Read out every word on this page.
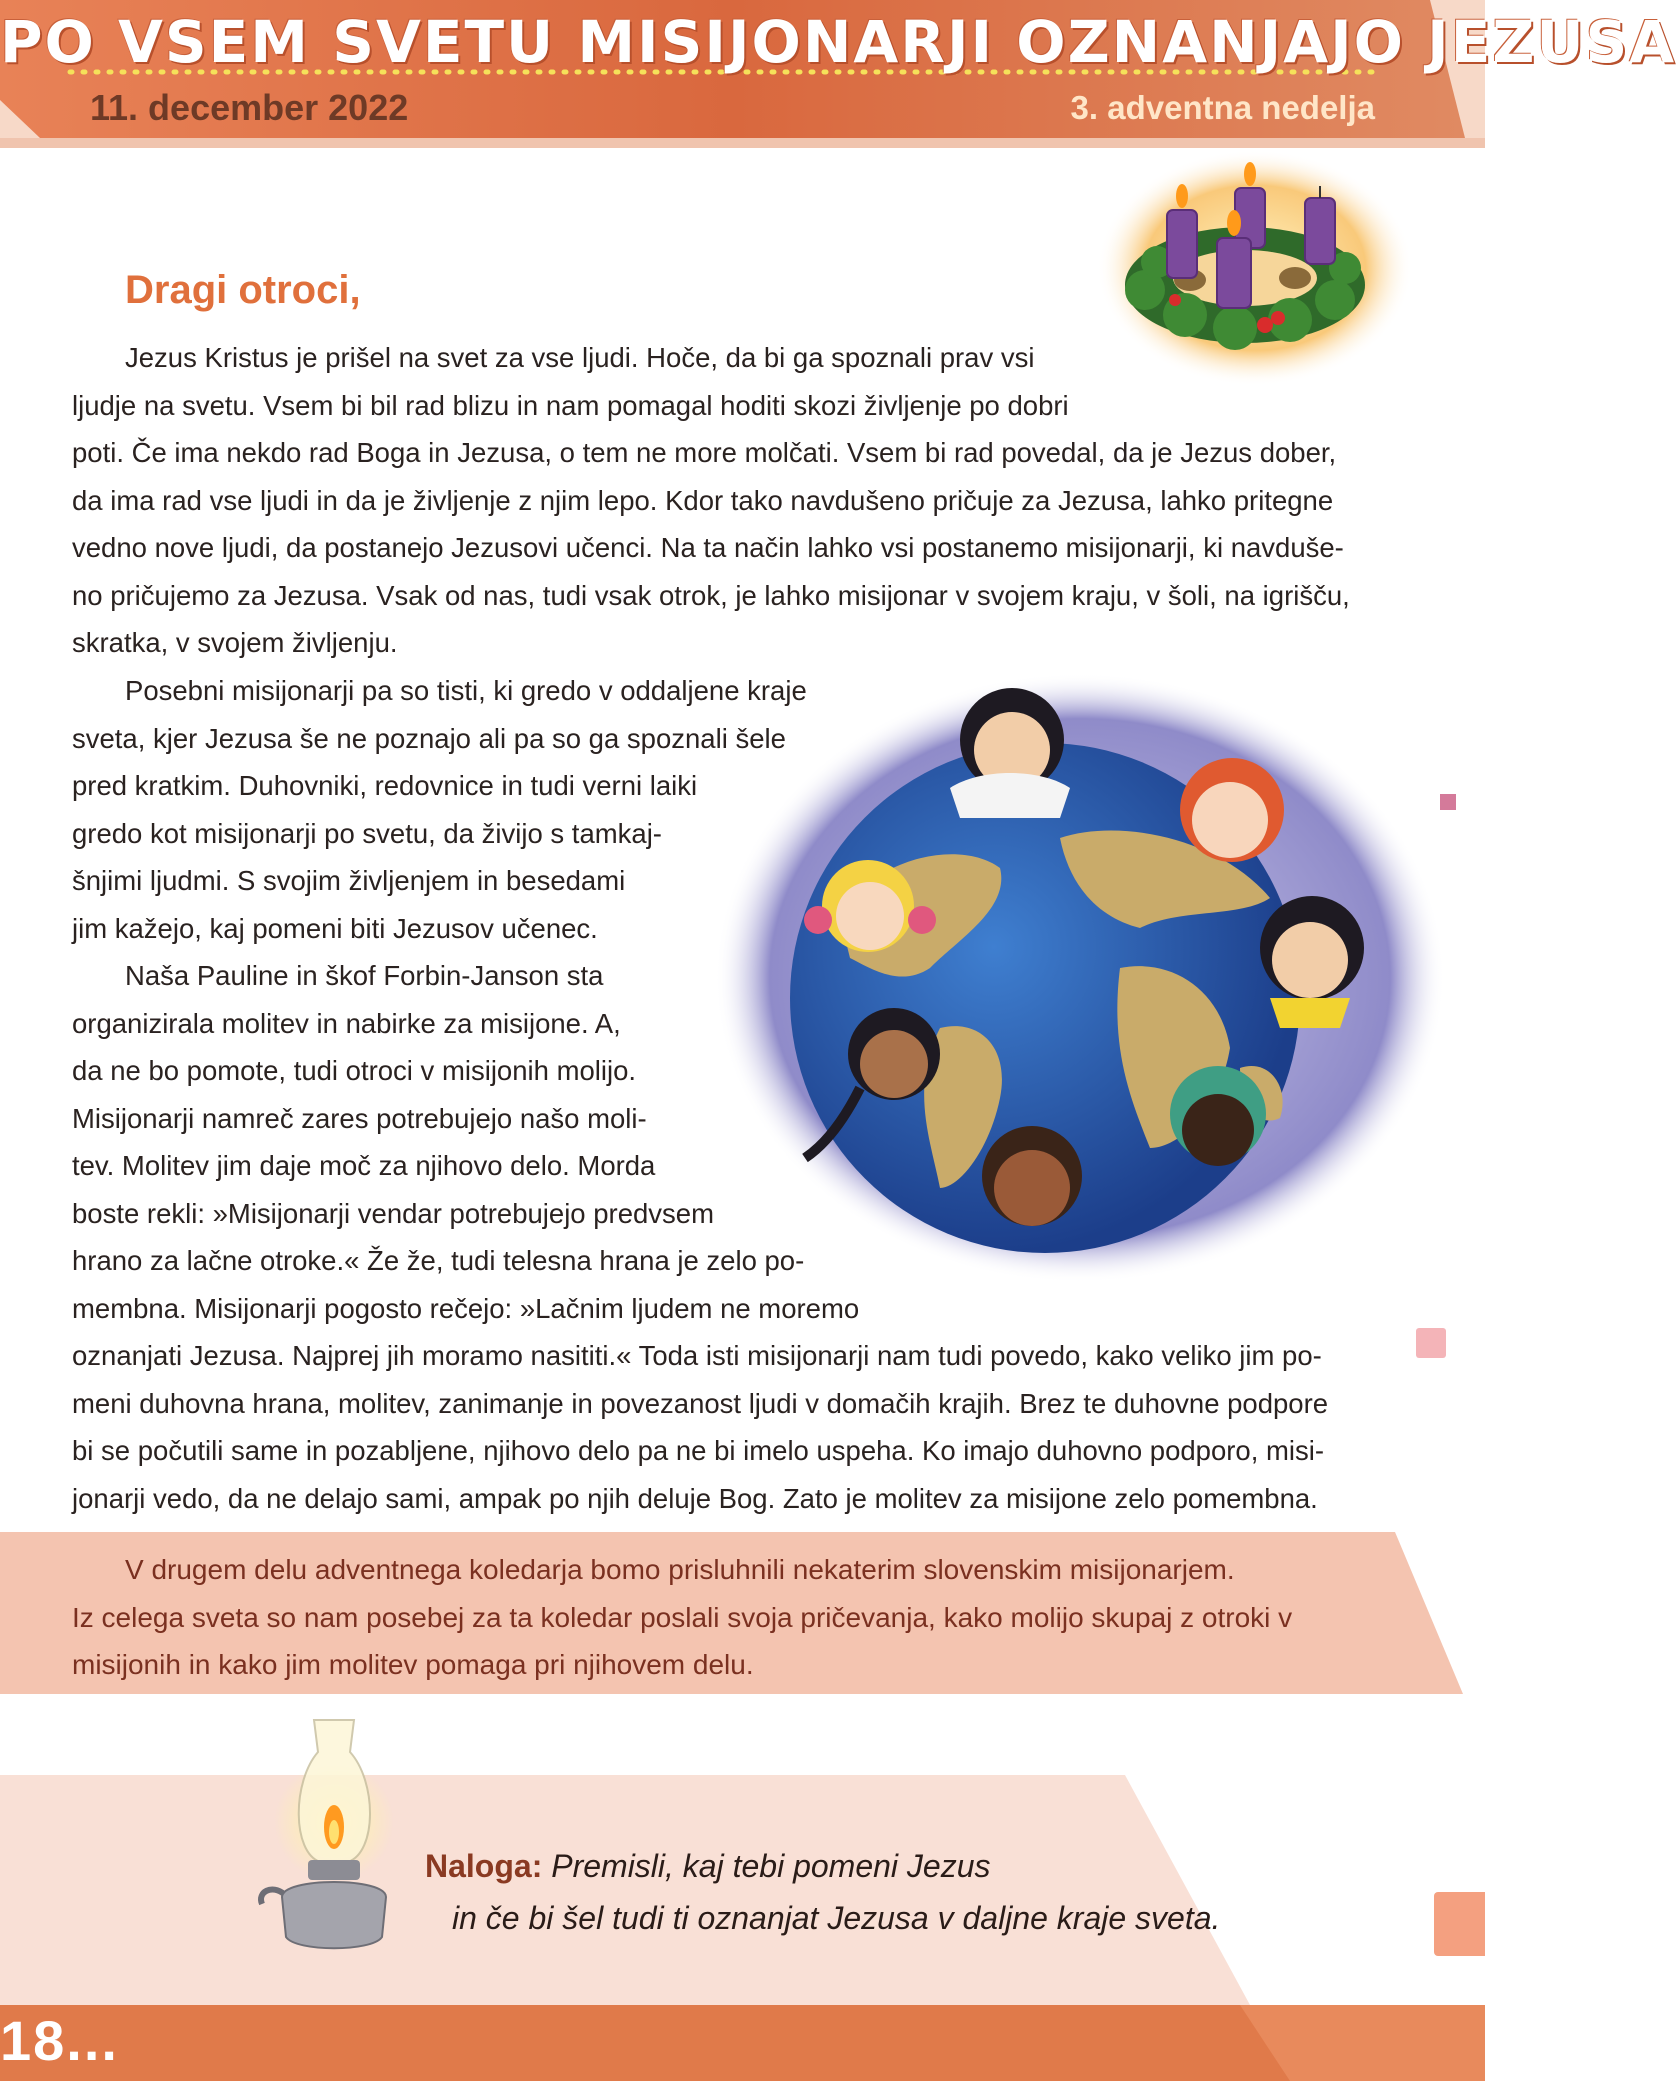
PO VSEM SVETU MISIJONARJI OZNANJAJO JEZUSA
11. december 2022	3. adventna nedelja
Dragi otroci,
Jezus Kristus je prišel na svet za vse ljudi. Hoče, da bi ga spoznali prav vsi
ljudje na svetu. Vsem bi bil rad blizu in nam pomagal hoditi skozi življenje po dobri
poti. Če ima nekdo rad Boga in Jezusa, o tem ne more molčati. Vsem bi rad povedal, da je Jezus dober,
da ima rad vse ljudi in da je življenje z njim lepo. Kdor tako navdušeno pričuje za Jezusa, lahko pritegne
vedno nove ljudi, da postanejo Jezusovi učenci. Na ta način lahko vsi postanemo misijonarji, ki navduše-
no pričujemo za Jezusa. Vsak od nas, tudi vsak otrok, je lahko misijonar v svojem kraju, v šoli, na igrišču,
skratka, v svojem življenju.
Posebni misijonarji pa so tisti, ki gredo v oddaljene kraje
sveta, kjer Jezusa še ne poznajo ali pa so ga spoznali šele
pred kratkim. Duhovniki, redovnice in tudi verni laiki
gredo kot misijonarji po svetu, da živijo s tamkaj-
šnjimi ljudmi. S svojim življenjem in besedami
jim kažejo, kaj pomeni biti Jezusov učenec.
Naša Pauline in škof Forbin-Janson sta
organizirala molitev in nabirke za misijone. A,
da ne bo pomote, tudi otroci v misijonih molijo.
Misijonarji namreč zares potrebujejo našo moli-
tev. Molitev jim daje moč za njihovo delo. Morda
boste rekli: »Misijonarji vendar potrebujejo predvsem
hrano za lačne otroke.« Že že, tudi telesna hrana je zelo po-
membna. Misijonarji pogosto rečejo: »Lačnim ljudem ne moremo
oznanjati Jezusa. Najprej jih moramo nasititi.« Toda isti misijonarji nam tudi povedo, kako veliko jim po-
meni duhovna hrana, molitev, zanimanje in povezanost ljudi v domačih krajih. Brez te duhovne podpore
bi se počutili same in pozabljene, njihovo delo pa ne bi imelo uspeha. Ko imajo duhovno podporo, misi-
jonarji vedo, da ne delajo sami, ampak po njih deluje Bog. Zato je molitev za misijone zelo pomembna.
V drugem delu adventnega koledarja bomo prisluhnili nekaterim slovenskim misijonarjem.
Iz celega sveta so nam posebej za ta koledar poslali svoja pričevanja, kako molijo skupaj z otroki v
misijonih in kako jim molitev pomaga pri njihovem delu.
Naloga: Premisli, kaj tebi pomeni Jezus
in če bi šel tudi ti oznanjat Jezusa v daljne kraje sveta.
18...
